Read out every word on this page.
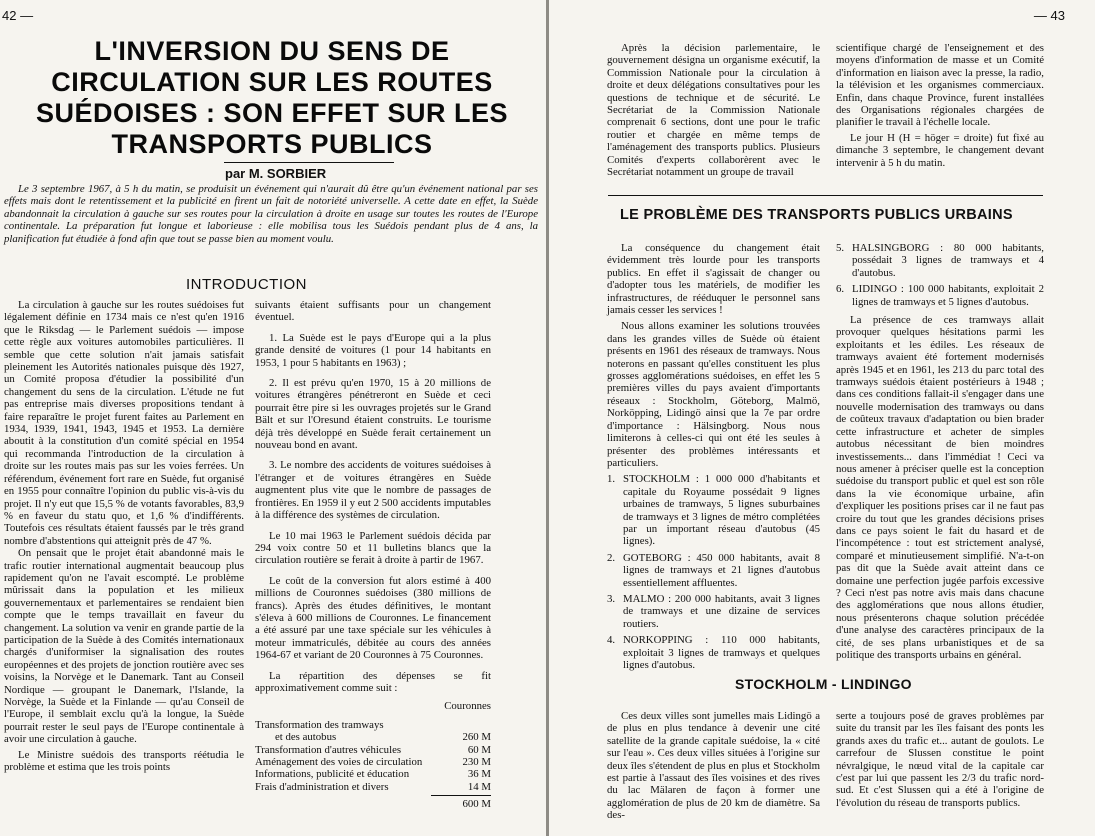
42 —
L'INVERSION DU SENS DE CIRCULATION SUR LES ROUTES SUÉDOISES : SON EFFET SUR LES TRANSPORTS PUBLICS
par M. SORBIER

Le 3 septembre 1967, à 5 h du matin, se produisit un événement qui n'aurait dû être qu'un événement national par ses effets mais dont le retentissement et la publicité en firent un fait de notoriété universelle. A cette date en effet, la Suède abandonnait la circulation à gauche sur ses routes pour la circulation à droite en usage sur toutes les routes de l'Europe continentale. La préparation fut longue et laborieuse : elle mobilisa tous les Suédois pendant plus de 4 ans, la planification fut étudiée à fond afin que tout se passe bien au moment voulu.

INTRODUCTION

La circulation à gauche sur les routes suédoises fut légalement définie en 1734 mais ce n'est qu'en 1916 que le Riksdag — le Parlement suédois — impose cette règle aux voitures automobiles particulières. Il semble que cette solution n'ait jamais satisfait pleinement les Autorités nationales puisque dès 1927, un Comité proposa d'étudier la possibilité d'un changement du sens de la circulation. L'étude ne fut pas entreprise mais diverses propositions tendant à faire reparaître le projet furent faites au Parlement en 1934, 1939, 1941, 1943, 1945 et 1953. La dernière aboutit à la constitution d'un comité spécial en 1954 qui recommanda l'introduction de la circulation à droite sur les routes mais pas sur les voies ferrées. Un référendum, événement fort rare en Suède, fut organisé en 1955 pour connaître l'opinion du public vis-à-vis du projet. Il n'y eut que 15,5 % de votants favorables, 83,9 % en faveur du statu quo, et 1,6 % d'indifférents. Toutefois ces résultats étaient faussés par le très grand nombre d'abstentions qui atteignit près de 47 %.

On pensait que le projet était abandonné mais le trafic routier international augmentait beaucoup plus rapidement qu'on ne l'avait escompté. Le problème mûrissait dans la population et les milieux gouvernementaux et parlementaires se rendaient bien compte que le temps travaillait en faveur du changement. La solution va venir en grande partie de la participation de la Suède à des Comités internationaux chargés d'uniformiser la signalisation des routes européennes et des projets de jonction routière avec ses voisins, la Norvège et le Danemark. Tant au Conseil Nordique — groupant le Danemark, l'Islande, la Norvège, la Suède et la Finlande — qu'au Conseil de l'Europe, il semblait exclu qu'à la longue, la Suède pourrait rester le seul pays de l'Europe continentale à avoir une circulation à gauche.

Le Ministre suédois des transports réétudia le problème et estima que les trois points

suivants étaient suffisants pour un changement éventuel.

1. La Suède est le pays d'Europe qui a la plus grande densité de voitures (1 pour 14 habitants en 1953, 1 pour 5 habitants en 1963) ;

2. Il est prévu qu'en 1970, 15 à 20 millions de voitures étrangères pénétreront en Suède et ceci pourrait être pire si les ouvrages projetés sur le Grand Bält et sur l'Oresund étaient construits. Le tourisme déjà très développé en Suède ferait certainement un nouveau bond en avant.

3. Le nombre des accidents de voitures suédoises à l'étranger et de voitures étrangères en Suède augmentent plus vite que le nombre de passages de frontières. En 1959 il y eut 2 500 accidents imputables à la différence des systèmes de circulation.

Le 10 mai 1963 le Parlement suédois décida par 294 voix contre 50 et 11 bulletins blancs que la circulation routière se ferait à droite à partir de 1967.

Le coût de la conversion fut alors estimé à 400 millions de Couronnes suédoises (380 millions de francs). Après des études définitives, le montant s'éleva à 600 millions de Couronnes. Le financement a été assuré par une taxe spéciale sur les véhicules à moteur immatriculés, débitée au cours des années 1964-67 et variant de 20 Couronnes à 75 Couronnes.

La répartition des dépenses se fit approximativement comme suit :

Couronnes
Transformation des tramways
et des autobus	260 M
Transformation d'autres véhicules	60 M
Aménagement des voies de circulation	230 M
Informations, publicité et éducation	36 M
Frais d'administration et divers	14 M
600 M
— 43

Après la décision parlementaire, le gouvernement désigna un organisme exécutif, la Commission Nationale pour la circulation à droite et deux délégations consultatives pour les questions de technique et de sécurité. Le Secrétariat de la Commission Nationale comprenait 6 sections, dont une pour le trafic routier et chargée en même temps de l'aménagement des transports publics. Plusieurs Comités d'experts collaborèrent avec le Secrétariat notamment un groupe de travail

scientifique chargé de l'enseignement et des moyens d'information de masse et un Comité d'information en liaison avec la presse, la radio, la télévision et les organismes commerciaux. Enfin, dans chaque Province, furent installées des Organisations régionales chargées de planifier le travail à l'échelle locale.

Le jour H (H = höger = droite) fut fixé au dimanche 3 septembre, le changement devant intervenir à 5 h du matin.

LE PROBLÈME DES TRANSPORTS PUBLICS URBAINS

La conséquence du changement était évidemment très lourde pour les transports publics. En effet il s'agissait de changer ou d'adopter tous les matériels, de modifier les infrastructures, de rééduquer le personnel sans jamais cesser les services !

Nous allons examiner les solutions trouvées dans les grandes villes de Suède où étaient présents en 1961 des réseaux de tramways. Nous noterons en passant qu'elles constituent les plus grosses agglomérations suédoises, en effet les 5 premières villes du pays avaient d'importants réseaux : Stockholm, Göteborg, Malmö, Norköpping, Lidingö ainsi que la 7e par ordre d'importance : Hälsingborg. Nous nous limiterons à celles-ci qui ont été les seules à présenter des problèmes intéressants et particuliers.

1. STOCKHOLM : 1 000 000 d'habitants et capitale du Royaume possédait 9 lignes urbaines de tramways, 5 lignes suburbaines de tramways et 3 lignes de métro complétées par un important réseau d'autobus (45 lignes).
2. GOTEBORG : 450 000 habitants, avait 8 lignes de tramways et 21 lignes d'autobus essentiellement affluentes.
3. MALMO : 200 000 habitants, avait 3 lignes de tramways et une dizaine de services routiers.
4. NORKOPPING : 110 000 habitants, exploitait 3 lignes de tramways et quelques lignes d'autobus.
5. HALSINGBORG : 80 000 habitants, possédait 3 lignes de tramways et 4 d'autobus.
6. LIDINGO : 100 000 habitants, exploitait 2 lignes de tramways et 5 lignes d'autobus.

La présence de ces tramways allait provoquer quelques hésitations parmi les exploitants et les édiles. Les réseaux de tramways avaient été fortement modernisés après 1945 et en 1961, les 213 du parc total des tramways suédois étaient postérieurs à 1948 ; dans ces conditions fallait-il s'engager dans une nouvelle modernisation des tramways ou dans de coûteux travaux d'adaptation ou bien brader cette infrastructure et acheter de simples autobus nécessitant de bien moindres investissements... dans l'immédiat ! Ceci va nous amener à préciser quelle est la conception suédoise du transport public et quel est son rôle dans la vie économique urbaine, afin d'expliquer les positions prises car il ne faut pas croire du tout que les grandes décisions prises dans ce pays soient le fait du hasard et de l'incompétence : tout est strictement analysé, comparé et minutieusement simplifié. N'a-t-on pas dit que la Suède avait atteint dans ce domaine une perfection jugée parfois excessive ? Ceci n'est pas notre avis mais dans chacune des agglomérations que nous allons étudier, nous présenterons chaque solution précédée d'une analyse des caractères principaux de la cité, de ses plans urbanistiques et de sa politique des transports urbains en général.

STOCKHOLM - LINDINGO

Ces deux villes sont jumelles mais Lidingö a de plus en plus tendance à devenir une cité satellite de la grande capitale suédoise, la « cité sur l'eau ». Ces deux villes situées à l'origine sur deux îles s'étendent de plus en plus et Stockholm est partie à l'assaut des îles voisines et des rives du lac Mälaren de façon à former une agglomération de plus de 20 km de diamètre. Sa des-

serte a toujours posé de graves problèmes par suite du transit par les îles faisant des ponts les grands axes du trafic et... autant de goulots. Le carrefour de Slussen constitue le point névralgique, le nœud vital de la capitale car c'est par lui que passent les 2/3 du trafic nord-sud. Et c'est Slussen qui a été à l'origine de l'évolution du réseau de transports publics.
